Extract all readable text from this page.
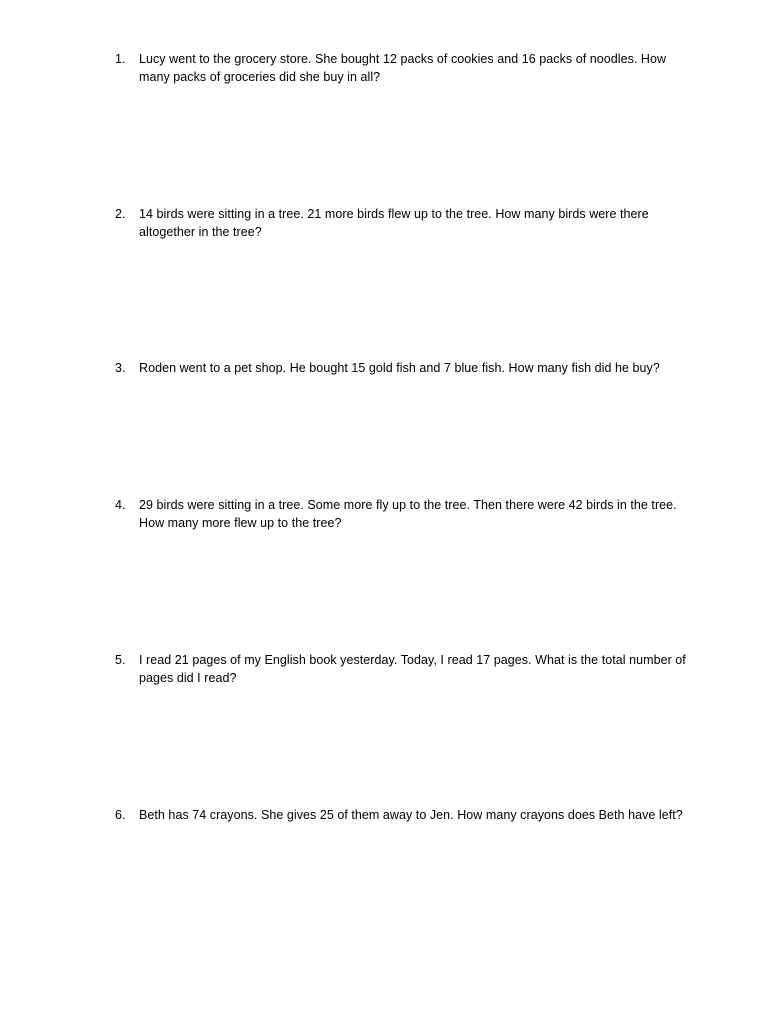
1.	Lucy went to the grocery store. She bought 12 packs of cookies and 16 packs of noodles. How many packs of groceries did she buy in all?
2.	14 birds were sitting in a tree. 21 more birds flew up to the tree. How many birds were there altogether in the tree?
3.	Roden went to a pet shop. He bought 15 gold fish and 7 blue fish. How many fish did he buy?
4.	29 birds were sitting in a tree. Some more fly up to the tree. Then there were 42 birds in the tree. How many more flew up to the tree?
5.	I read 21 pages of my English book yesterday. Today, I read 17 pages. What is the total number of pages did I read?
6.	Beth has 74 crayons. She gives 25 of them away to Jen. How many crayons does Beth have left?
